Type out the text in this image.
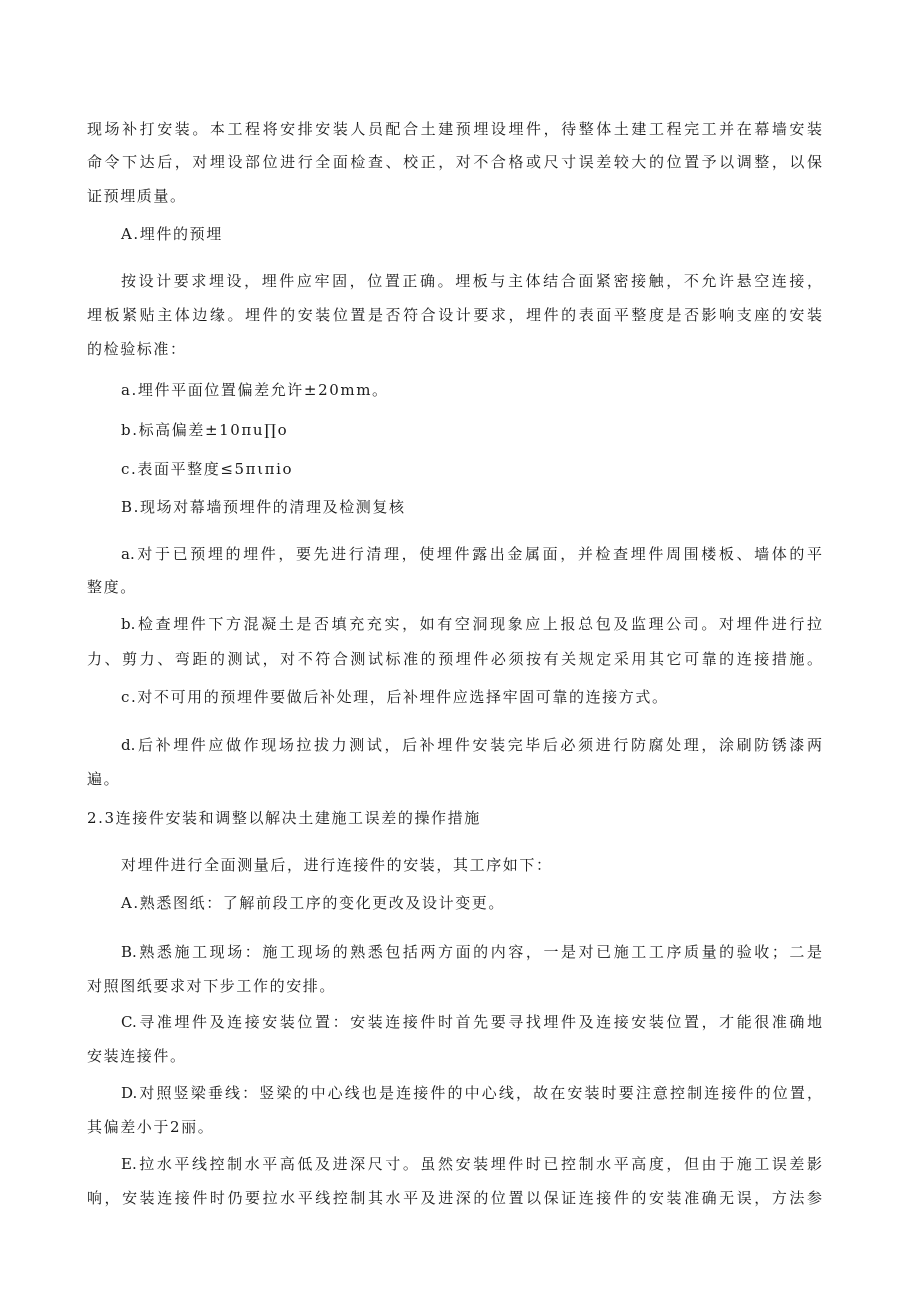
现场补打安装。本工程将安排安装人员配合土建预埋设埋件，待整体土建工程完工并在幕墙安装
命令下达后，对埋设部位进行全面检查、校正，对不合格或尺寸误差较大的位置予以调整，以保
证预埋质量。
A.埋件的预埋
按设计要求埋设，埋件应牢固，位置正确。埋板与主体结合面紧密接触，不允许悬空连接，
埋板紧贴主体边缘。埋件的安装位置是否符合设计要求，埋件的表面平整度是否影响支座的安装
的检验标准：
a.埋件平面位置偏差允许±20mm。
b.标高偏差±10πu∏o
c.表面平整度≤5πιπio
B.现场对幕墙预埋件的清理及检测复核
a.对于已预埋的埋件，要先进行清理，使埋件露出金属面，并检查埋件周围楼板、墙体的平
整度。
b.检查埋件下方混凝土是否填充充实，如有空洞现象应上报总包及监理公司。对埋件进行拉
力、剪力、弯距的测试，对不符合测试标准的预埋件必须按有关规定采用其它可靠的连接措施。
c.对不可用的预埋件要做后补处理，后补埋件应选择牢固可靠的连接方式。
d.后补埋件应做作现场拉拔力测试，后补埋件安装完毕后必须进行防腐处理，涂刷防锈漆两
遍。
2.3连接件安装和调整以解决土建施工误差的操作措施
对埋件进行全面测量后，进行连接件的安装，其工序如下：
A.熟悉图纸：了解前段工序的变化更改及设计变更。
B.熟悉施工现场：施工现场的熟悉包括两方面的内容，一是对已施工工序质量的验收；二是
对照图纸要求对下步工作的安排。
C.寻准埋件及连接安装位置：安装连接件时首先要寻找埋件及连接安装位置，才能很准确地
安装连接件。
D.对照竖梁垂线：竖梁的中心线也是连接件的中心线，故在安装时要注意控制连接件的位置，
其偏差小于2丽。
E.拉水平线控制水平高低及进深尺寸。虽然安装埋件时已控制水平高度，但由于施工误差影
响，安装连接件时仍要拉水平线控制其水平及进深的位置以保证连接件的安装准确无误，方法参
